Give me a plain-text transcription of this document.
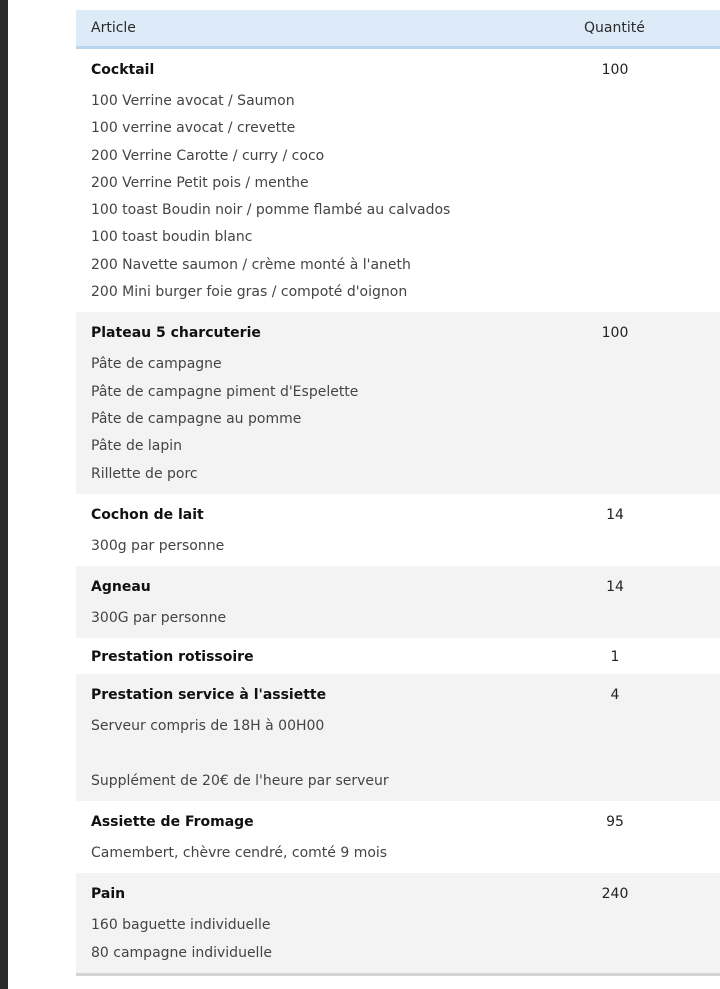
Article	Quantité
Cocktail	100
100 Verrine avocat / Saumon
100 verrine avocat / crevette
200 Verrine Carotte / curry / coco
200 Verrine Petit pois / menthe
100 toast Boudin noir / pomme flambé au calvados
100 toast boudin blanc
200 Navette saumon / crème monté à l'aneth
200 Mini burger foie gras / compoté d'oignon
Plateau 5 charcuterie	100
Pâte de campagne
Pâte de campagne piment d'Espelette
Pâte de campagne au pomme
Pâte de lapin
Rillette de porc
Cochon de lait	14
300g par personne
Agneau	14
300G par personne
Prestation rotissoire	1
Prestation service à l'assiette	4
Serveur compris de 18H à 00H00
Supplément de 20€ de l'heure par serveur
Assiette de Fromage	95
Camembert, chèvre cendré, comté 9 mois
Pain	240
160 baguette individuelle
80 campagne individuelle
